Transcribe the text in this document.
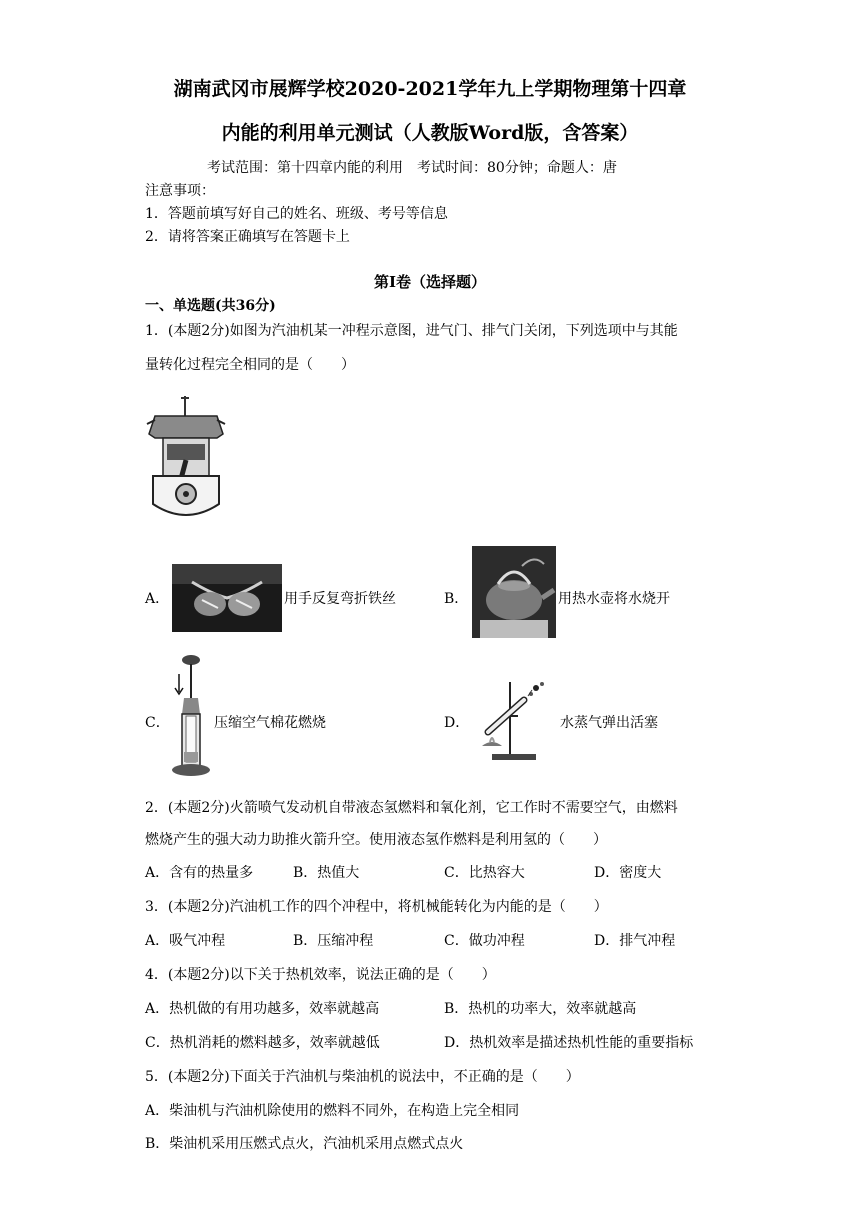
湖南武冈市展辉学校2020-2021学年九上学期物理第十四章
内能的利用单元测试（人教版Word版，含答案）
考试范围：第十四章内能的利用　考试时间：80分钟；命题人：唐
注意事项：
1．答题前填写好自己的姓名、班级、考号等信息
2．请将答案正确填写在答题卡上
第Ⅰ卷（选择题）
一、单选题(共36分)
1．(本题2分)如图为汽油机某一冲程示意图，进气门、排气门关闭，下列选项中与其能
量转化过程完全相同的是（　　）
A．	用手反复弯折铁丝	B．	用热水壶将水烧开
C．	压缩空气棉花燃烧	D．	水蒸气弹出活塞
2．(本题2分)火箭喷气发动机自带液态氢燃料和氧化剂，它工作时不需要空气，由燃料
燃烧产生的强大动力助推火箭升空。使用液态氢作燃料是利用氢的（　　）
A．含有的热量多	B．热值大	C．比热容大	D．密度大
3．(本题2分)汽油机工作的四个冲程中，将机械能转化为内能的是（　　）
A．吸气冲程	B．压缩冲程	C．做功冲程	D．排气冲程
4．(本题2分)以下关于热机效率，说法正确的是（　　）
A．热机做的有用功越多，效率就越高	B．热机的功率大，效率就越高
C．热机消耗的燃料越多，效率就越低	D．热机效率是描述热机性能的重要指标
5．(本题2分)下面关于汽油机与柴油机的说法中，不正确的是（　　）
A．柴油机与汽油机除使用的燃料不同外，在构造上完全相同
B．柴油机采用压燃式点火，汽油机采用点燃式点火
